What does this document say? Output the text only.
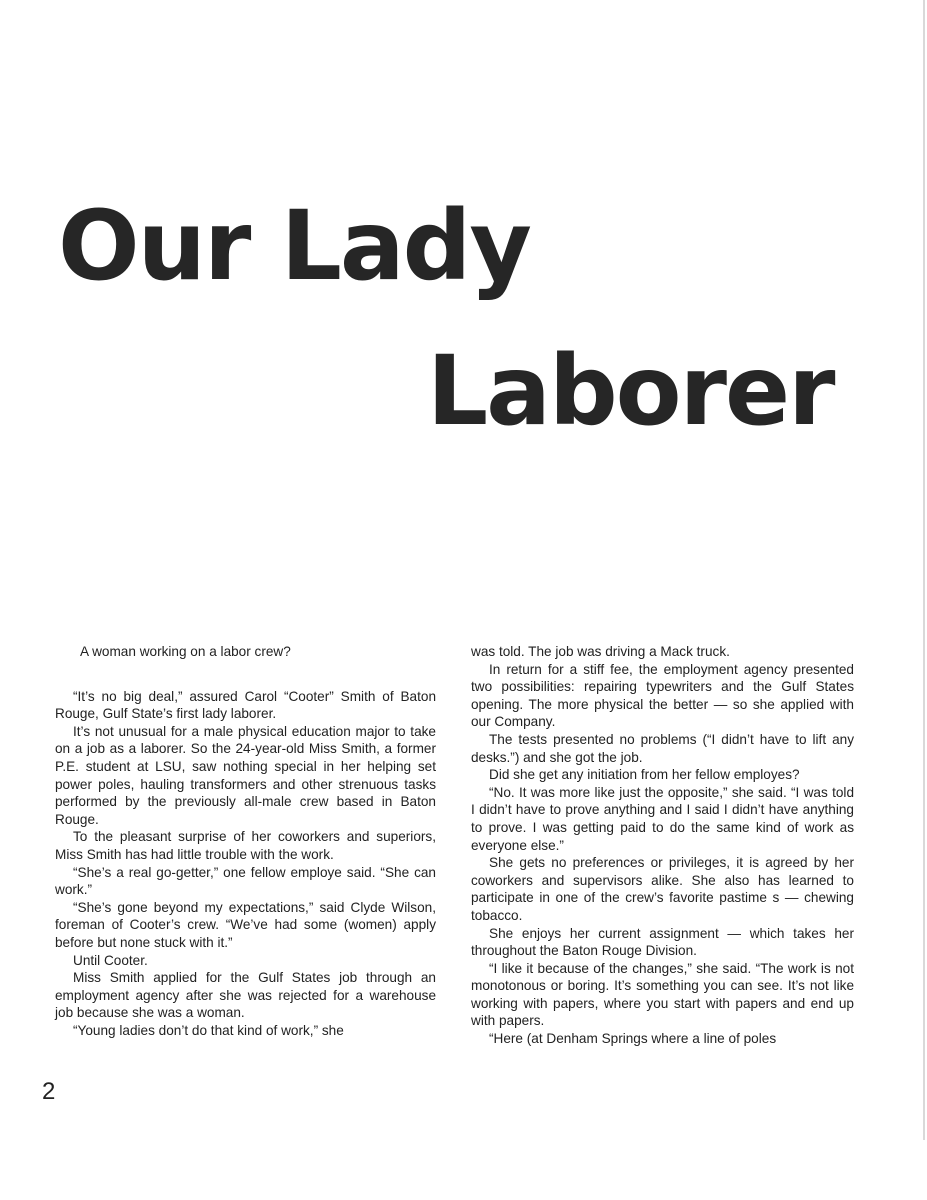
Our Lady
Laborer

A woman working on a labor crew?

“It’s no big deal,” assured Carol “Cooter” Smith of Baton Rouge, Gulf State’s first lady laborer.

It’s not unusual for a male physical education major to take on a job as a laborer. So the 24-year-old Miss Smith, a former P.E. student at LSU, saw nothing special in her helping set power poles, hauling transformers and other strenuous tasks performed by the previously all-male crew based in Baton Rouge.

To the pleasant surprise of her coworkers and superiors, Miss Smith has had little trouble with the work.

“She’s a real go-getter,” one fellow employe said. “She can work.”

“She’s gone beyond my expectations,” said Clyde Wilson, foreman of Cooter’s crew. “We’ve had some (women) apply before but none stuck with it.”

Until Cooter.

Miss Smith applied for the Gulf States job through an employment agency after she was rejected for a warehouse job because she was a woman.

“Young ladies don’t do that kind of work,” she

was told. The job was driving a Mack truck.

In return for a stiff fee, the employment agency presented two possibilities: repairing typewriters and the Gulf States opening. The more physical the better — so she applied with our Company.

The tests presented no problems (“I didn’t have to lift any desks.”) and she got the job.

Did she get any initiation from her fellow employes?

“No. It was more like just the opposite,” she said. “I was told I didn’t have to prove anything and I said I didn’t have anything to prove. I was getting paid to do the same kind of work as everyone else.”

She gets no preferences or privileges, it is agreed by her coworkers and supervisors alike. She also has learned to participate in one of the crew’s favorite pastime s — chewing tobacco.

She enjoys her current assignment — which takes her throughout the Baton Rouge Division.

“I like it because of the changes,” she said. “The work is not monotonous or boring. It’s something you can see. It’s not like working with papers, where you start with papers and end up with papers.

“Here (at Denham Springs where a line of poles

2
